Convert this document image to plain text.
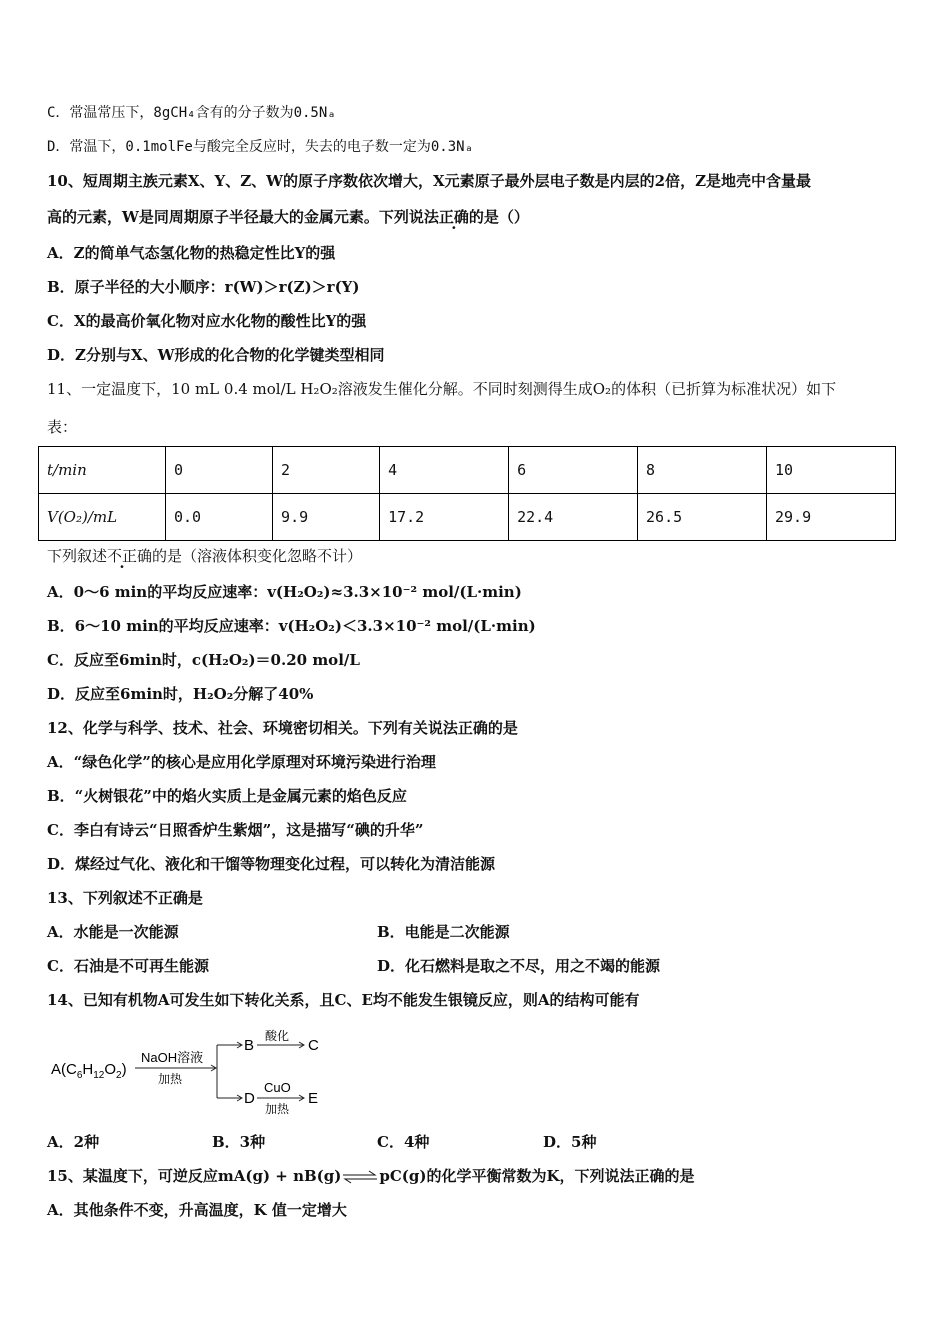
C．常温常压下，8gCH₄含有的分子数为0.5Nₐ
D．常温下，0.1molFe与酸完全反应时，失去的电子数一定为0.3Nₐ
10、短周期主族元素X、Y、Z、W的原子序数依次增大，X元素原子最外层电子数是内层的2倍，Z是地壳中含量最
高的元素，W是同周期原子半径最大的金属元素。下列说法正确的是（）
A．Z的简单气态氢化物的热稳定性比Y的强
B．原子半径的大小顺序：r(W)＞r(Z)＞r(Y)
C．X的最高价氧化物对应水化物的酸性比Y的强
D．Z分别与X、W形成的化合物的化学键类型相同
11、一定温度下，10 mL 0.4 mol/L H₂O₂溶液发生催化分解。不同时刻测得生成O₂的体积（已折算为标准状况）如下
表：
t/min	0	2	4	6	8	10
V(O₂)/mL	0.0	9.9	17.2	22.4	26.5	29.9
下列叙述不正确的是（溶液体积变化忽略不计）
A．0～6 min的平均反应速率：v(H₂O₂)≈3.3×10⁻² mol/(L·min)
B．6～10 min的平均反应速率：v(H₂O₂)＜3.3×10⁻² mol/(L·min)
C．反应至6min时，c(H₂O₂)＝0.20 mol/L
D．反应至6min时，H₂O₂分解了40%
12、化学与科学、技术、社会、环境密切相关。下列有关说法正确的是
A．“绿色化学”的核心是应用化学原理对环境污染进行治理
B．“火树银花”中的焰火实质上是金属元素的焰色反应
C．李白有诗云“日照香炉生紫烟”，这是描写“碘的升华”
D．煤经过气化、液化和干馏等物理变化过程，可以转化为清洁能源
13、下列叙述不正确是
A．水能是一次能源	B．电能是二次能源
C．石油是不可再生能源	D．化石燃料是取之不尽，用之不竭的能源
14、已知有机物A可发生如下转化关系，且C、E均不能发生银镜反应，则A的结构可能有
$A(C_6H_{12}O_2)$
NaOH溶液
加热
B
酸化
C
D
CuO
加热
E
A．2种	B．3种	C．4种	D．5种
15、某温度下，可逆反应mA(g) + nB(g)⇌pC(g)的化学平衡常数为K，下列说法正确的是
A．其他条件不变，升高温度，K 值一定增大
